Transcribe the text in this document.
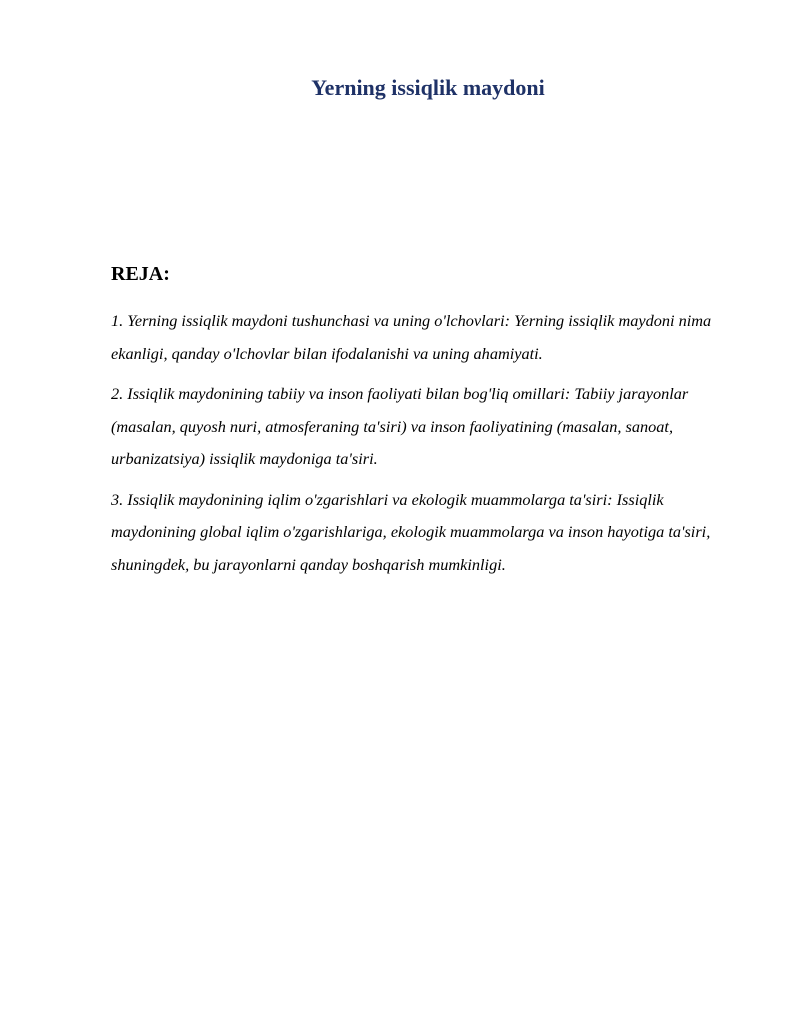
Yerning issiqlik maydoni
REJA:
1. Yerning issiqlik maydoni tushunchasi va uning o'lchovlari: Yerning issiqlik maydoni nima ekanligi, qanday o'lchovlar bilan ifodalanishi va uning ahamiyati.
2. Issiqlik maydonining tabiiy va inson faoliyati bilan bog'liq omillari: Tabiiy jarayonlar (masalan, quyosh nuri, atmosferaning ta'siri) va inson faoliyatining (masalan, sanoat, urbanizatsiya) issiqlik maydoniga ta'siri.
3. Issiqlik maydonining iqlim o'zgarishlari va ekologik muammolarga ta'siri: Issiqlik maydonining global iqlim o'zgarishlariga, ekologik muammolarga va inson hayotiga ta'siri, shuningdek, bu jarayonlarni qanday boshqarish mumkinligi.
